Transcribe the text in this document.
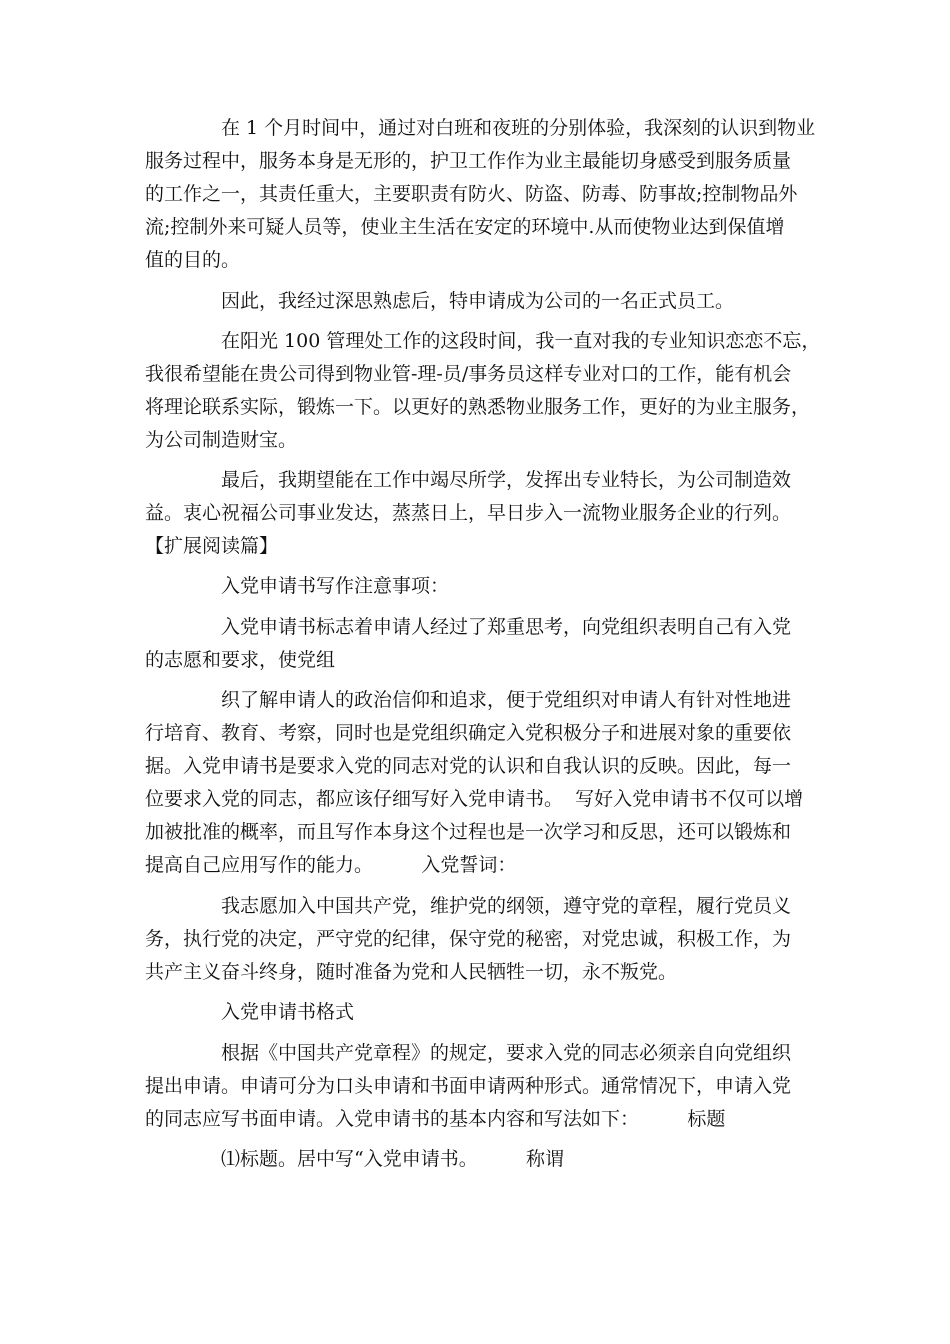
在 1 个月时间中，通过对白班和夜班的分别体验，我深刻的认识到物业
服务过程中，服务本身是无形的，护卫工作作为业主最能切身感受到服务质量
的工作之一，其责任重大，主要职责有防火、防盗、防毒、防事故;控制物品外
流;控制外来可疑人员等，使业主生活在安定的环境中.从而使物业达到保值增
值的目的。
因此，我经过深思熟虑后，特申请成为公司的一名正式员工。
在阳光 100 管理处工作的这段时间，我一直对我的专业知识恋恋不忘，
我很希望能在贵公司得到物业管-理-员/事务员这样专业对口的工作，能有机会
将理论联系实际，锻炼一下。以更好的熟悉物业服务工作，更好的为业主服务，
为公司制造财宝。
最后，我期望能在工作中竭尽所学，发挥出专业特长，为公司制造效
益。衷心祝福公司事业发达，蒸蒸日上，早日步入一流物业服务企业的行列。
【扩展阅读篇】
入党申请书写作注意事项：
入党申请书标志着申请人经过了郑重思考，向党组织表明自己有入党
的志愿和要求，使党组
织了解申请人的政治信仰和追求，便于党组织对申请人有针对性地进
行培育、教育、考察，同时也是党组织确定入党积极分子和进展对象的重要依
据。入党申请书是要求入党的同志对党的认识和自我认识的反映。因此，每一
位要求入党的同志，都应该仔细写好入党申请书。  写好入党申请书不仅可以增
加被批准的概率，而且写作本身这个过程也是一次学习和反思，还可以锻炼和
提高自己应用写作的能力。        入党誓词：
我志愿加入中国共产党，维护党的纲领，遵守党的章程，履行党员义
务，执行党的决定，严守党的纪律，保守党的秘密，对党忠诚，积极工作，为
共产主义奋斗终身，随时准备为党和人民牺牲一切，永不叛党。
入党申请书格式
根据《中国共产党章程》的规定，要求入党的同志必须亲自向党组织
提出申请。申请可分为口头申请和书面申请两种形式。通常情况下，申请入党
的同志应写书面申请。入党申请书的基本内容和写法如下：        标题
⑴标题。居中写“入党申请书。        称谓
